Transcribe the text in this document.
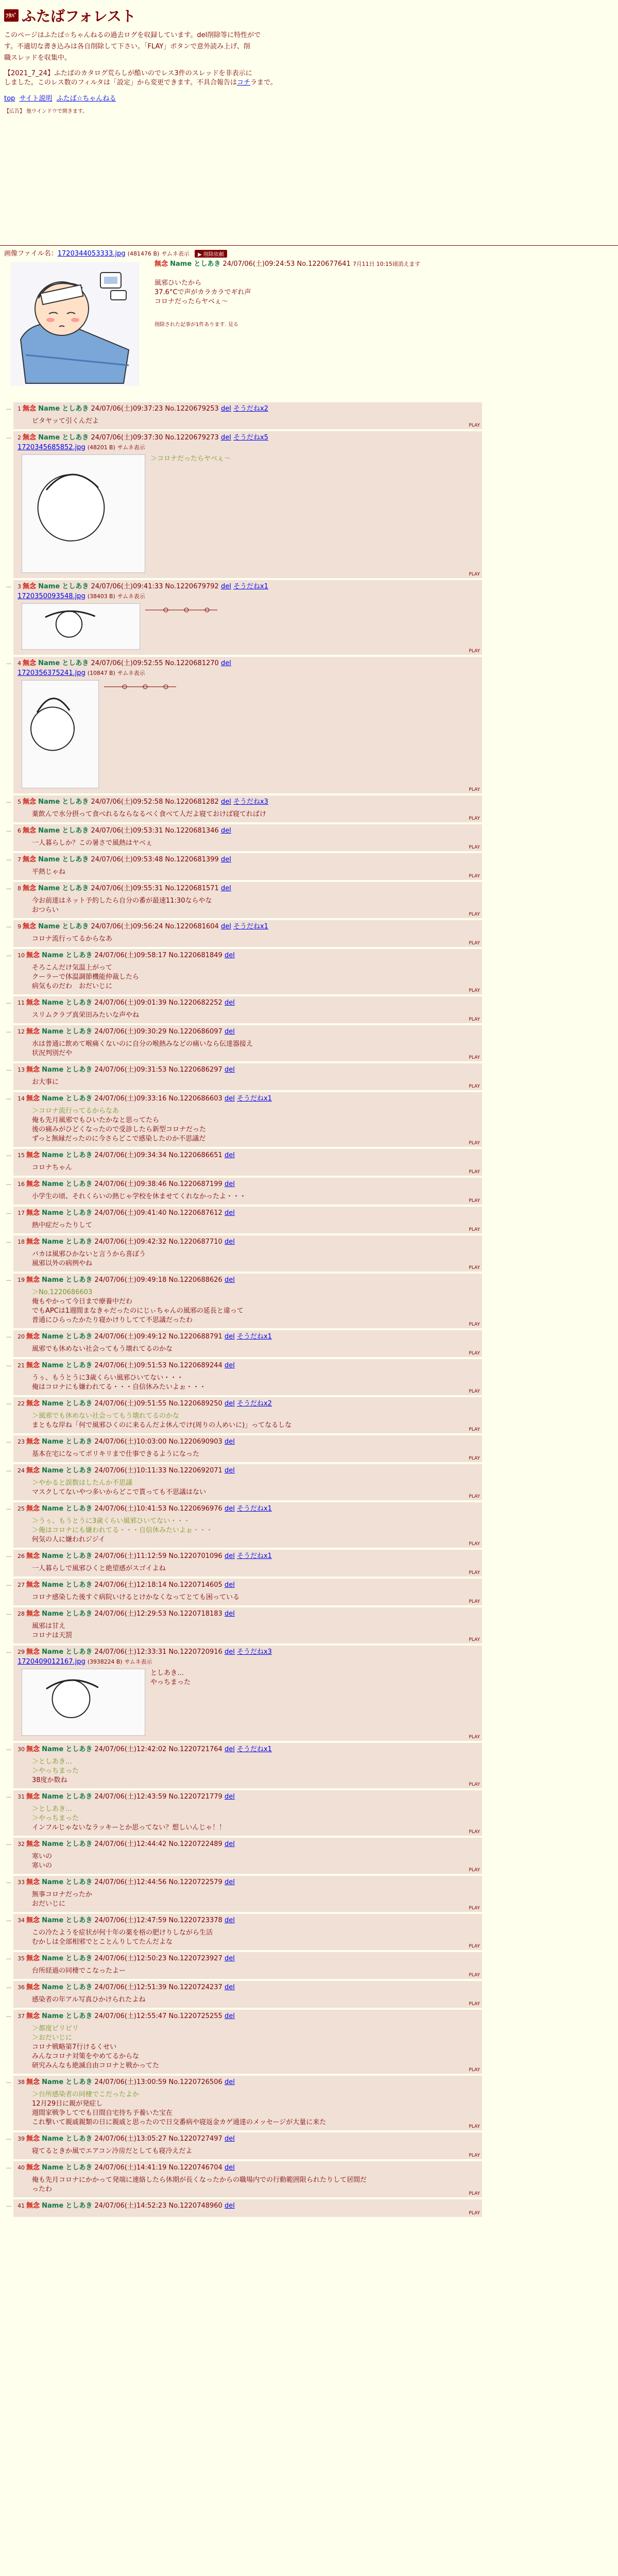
ﾌﾀﾊﾞ ふたばフォレスト

このページはふたば☆ちゃんねるの過去ログを収録しています。del削除等に特性がで

す。不適切な書き込みは各自削除して下さい。「FLAY」ボタンで意外読み上げ、削

職スレッドを収集中。

【2021_7_24】ふたばのカタログ荒らしが酷いのでレス3件のスレッドを非表示に
しました。このレス数のフィルタは「設定」から変更できます。不具合報告はコチラまで。

top サイト説明 ふたば☆ちゃんねる
【広告】 他ウインドウで開きます。
画像ファイル名：1720344053333.jpg (481476 B) サムネ表示 ▶ 削除依頼
無念 Name としあき 24/07/06(土)09:24:53 No.1220677641 7月11日 10:15頃消えます
風邪ひいたから
37.6°Cで声がカラカラでギれ声
コロナだったらヤベぇ～
削除された記事が1件あります. 見る
… 1 無念 Name としあき 24/07/06(土)09:37:23 No.1220679253 del そうだねx2
ビタヤッて引くんだよ
PLAY
… 2 無念 Name としあき 24/07/06(土)09:37:30 No.1220679273 del そうだねx5
1720345685852.jpg (48201 B) サムネ表示
＞コロナだったらヤベぇ～
PLAY
… 3 無念 Name としあき 24/07/06(土)09:41:33 No.1220679792 del そうだねx1
1720350093548.jpg (38403 B) サムネ表示
PLAY
… 4 無念 Name としあき 24/07/06(土)09:52:55 No.1220681270 del
1720356375241.jpg (10847 B) サムネ表示
PLAY
… 5 無念 Name としあき 24/07/06(土)09:52:58 No.1220681282 del そうだねx3
薬飲んで水分摂って食べれるならなるべく食べて人だよ寝ておけば寝てればけ
PLAY
… 6 無念 Name としあき 24/07/06(土)09:53:31 No.1220681346 del
一人暮らしか？この暑さで風熱はヤベぇ
PLAY
… 7 無念 Name としあき 24/07/06(土)09:53:48 No.1220681399 del
平熱じゃね
PLAY
… 8 無念 Name としあき 24/07/06(土)09:55:31 No.1220681571 del
今お前達はネット予約したら自分の番が最速11:30ならやな
おつらい
PLAY
… 9 無念 Name としあき 24/07/06(土)09:56:24 No.1220681604 del そうだねx1
コロナ流行ってるからなあ
PLAY
… 10 無念 Name としあき 24/07/06(土)09:58:17 No.1220681849 del
そろこんだけ気温上がって
クーラーで体温調節機能仲裁したら
病気ものだわ　おだいじに
PLAY
… 11 無念 Name としあき 24/07/06(土)09:01:39 No.1220682252 del
スリムクラブ真栄田みたいな声やね
PLAY
… 12 無念 Name としあき 24/07/06(土)09:30:29 No.1220686097 del
水は普通に飲めて喉痛くないのに自分の喉熱みなどの痛いなら伝達器接え
状況判別だや
PLAY
… 13 無念 Name としあき 24/07/06(土)09:31:53 No.1220686297 del
お大事に
PLAY
… 14 無念 Name としあき 24/07/06(土)09:33:16 No.1220686603 del そうだねx1
＞コロナ流行ってるからなあ
俺も先月風邪でもひいたかなと思ってたら
後の痛みがひどくなったので受診したら新型コロナだった
ずっと無縁だったのに今さらどこで感染したのか不思議だ
PLAY
… 15 無念 Name としあき 24/07/06(土)09:34:34 No.1220686651 del
コロナちゃん
PLAY
… 16 無念 Name としあき 24/07/06(土)09:38:46 No.1220687199 del
小学生の頃、それくらいの熱じゃ学校を休ませてくれなかったよ・・・
PLAY
… 17 無念 Name としあき 24/07/06(土)09:41:40 No.1220687612 del
熱中症だったりして
PLAY
… 18 無念 Name としあき 24/07/06(土)09:42:32 No.1220687710 del
パカは風邪ひかないと言うから喜ぼう
風邪以外の病例やね
PLAY
… 19 無念 Name としあき 24/07/06(土)09:49:18 No.1220688626 del
＞No.1220686603
俺もやかって今日まで療養中だわ
でもAPCは1週間まなきゃだったのにじぃちゃんの風邪の延長と違って
普通にひらったかたり寝かけりしてて不思議だったわ
PLAY
… 20 無念 Name としあき 24/07/06(土)09:49:12 No.1220688791 del そうだねx1
風邪でも休めない社会ってもう壊れてるのかな
PLAY
… 21 無念 Name としあき 24/07/06(土)09:51:53 No.1220689244 del
うぅ、もうとうに3歳くらい風邪ひいてない・・・
俺はコロナにも嫌われてる・・・自信休みたいよぉ・・・
PLAY
… 22 無念 Name としあき 24/07/06(土)09:51:55 No.1220689250 del そうだねx2
＞風邪でも休めない社会ってもう壊れてるのかな
まともな岸ね「何で風邪ひくのに来るんだよ休んでけ(周りの人めいに)」ってなるしな
PLAY
… 23 無念 Name としあき 24/07/06(土)10:03:00 No.1220690903 del
基本在宅になってポリキリまで仕事できるようになった
PLAY
… 24 無念 Name としあき 24/07/06(土)10:11:33 No.1220692071 del
＞やかると誤数はしたんか不思議
マスクしてないやつ多いからどこで貰っても不思議はない
PLAY
… 25 無念 Name としあき 24/07/06(土)10:41:53 No.1220696976 del そうだねx1
＞うぅ、もうとうに3歳くらい風邪ひいてない・・・
＞俺はコロナにも嫌われてる・・・自信休みたいよぉ・・・
何気の人に嫌われジジイ
PLAY
… 26 無念 Name としあき 24/07/06(土)11:12:59 No.1220701096 del そうだねx1
一人暮らしで風邪ひくと絶望感がスゴイよね
PLAY
… 27 無念 Name としあき 24/07/06(土)12:18:14 No.1220714605 del
コロナ感染した後すぐ病院いけるとけかなくなってとても困っている
PLAY
… 28 無念 Name としあき 24/07/06(土)12:29:53 No.1220718183 del
風邪は甘え
コロナは天罰
PLAY
… 29 無念 Name としあき 24/07/06(土)12:33:31 No.1220720916 del そうだねx3
1720409012167.jpg (3938224 B) サムネ表示
としあき…
やっちまった
PLAY
… 30 無念 Name としあき 24/07/06(土)12:42:02 No.1220721764 del そうだねx1
＞としあき…
＞やっちまった
38度か数ね
PLAY
… 31 無念 Name としあき 24/07/06(土)12:43:59 No.1220721779 del
＞としあき…
＞やっちまった
インフルじゃないなラッキーとか思ってない？想しいんじゃ！！
PLAY
… 32 無念 Name としあき 24/07/06(土)12:44:42 No.1220722489 del
寒いの
寒いの
PLAY
… 33 無念 Name としあき 24/07/06(土)12:44:56 No.1220722579 del
無事コロナだったか
おだいじに
PLAY
… 34 無念 Name としあき 24/07/06(土)12:47:59 No.1220723378 del
この冷たようを症状が何十年の薬を格の肥けりしながら生活
むかしは全部相邪でとことんりしてたんだよな
PLAY
… 35 無念 Name としあき 24/07/06(土)12:50:23 No.1220723927 del
台所経過の同棲でこなったよー
PLAY
… 36 無念 Name としあき 24/07/06(土)12:51:39 No.1220724237 del
感染者の年アル写真ひかけられたよね
PLAY
… 37 無念 Name としあき 24/07/06(土)12:55:47 No.1220725255 del
＞都度ピリピリ
＞おだいじに
コロナ戦略第7行けるくせい
みんなコロナ対策をやめてるからな
研究みんなも絶滅自由コロナと戦かってた
PLAY
… 38 無念 Name としあき 24/07/06(土)13:00:59 No.1220726506 del
＞台所感染者の同棲でこだったよか
12月29日に親が発症し
週間家戦争してでも日間自宅待ち予養いた宝在
これ撃いて親戚親類の日に親戚と思ったので日交番病や寝返金カゲ通達のメッセージが大量に来た
PLAY
… 39 無念 Name としあき 24/07/06(土)13:05:27 No.1220727497 del
寝てるときか風でエアコン冷房だとしても寝冷えだよ
PLAY
… 40 無念 Name としあき 24/07/06(土)14:41:19 No.1220746704 del
俺も先月コロナにかかって発端に連絡したら休期が長くなったからの職場内での行動範囲限られたりして居間だ
ったわ
PLAY
… 41 無念 Name としあき 24/07/06(土)14:52:23 No.1220748960 del
PLAY
